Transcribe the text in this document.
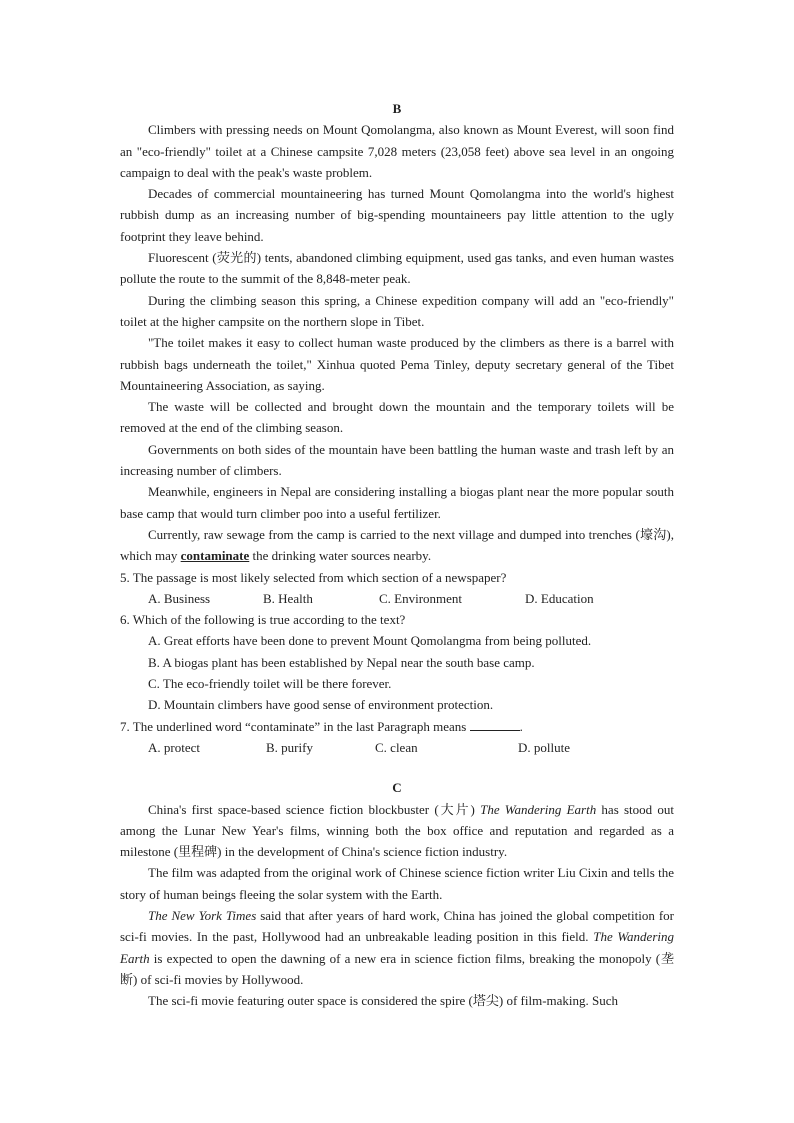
B

Climbers with pressing needs on Mount Qomolangma, also known as Mount Everest, will soon find an "eco-friendly" toilet at a Chinese campsite 7,028 meters (23,058 feet) above sea level in an ongoing campaign to deal with the peak's waste problem.

Decades of commercial mountaineering has turned Mount Qomolangma into the world's highest rubbish dump as an increasing number of big-spending mountaineers pay little attention to the ugly footprint they leave behind.

Fluorescent (荧光的) tents, abandoned climbing equipment, used gas tanks, and even human wastes pollute the route to the summit of the 8,848-meter peak.

During the climbing season this spring, a Chinese expedition company will add an "eco-friendly" toilet at the higher campsite on the northern slope in Tibet.

"The toilet makes it easy to collect human waste produced by the climbers as there is a barrel with rubbish bags underneath the toilet," Xinhua quoted Pema Tinley, deputy secretary general of the Tibet Mountaineering Association, as saying.

The waste will be collected and brought down the mountain and the temporary toilets will be removed at the end of the climbing season.

Governments on both sides of the mountain have been battling the human waste and trash left by an increasing number of climbers.

Meanwhile, engineers in Nepal are considering installing a biogas plant near the more popular south base camp that would turn climber poo into a useful fertilizer.

Currently, raw sewage from the camp is carried to the next village and dumped into trenches (壕沟), which may contaminate the drinking water sources nearby.

5. The passage is most likely selected from which section of a newspaper?

A. Business	B. Health	C. Environment	D. Education

6. Which of the following is true according to the text?

A. Great efforts have been done to prevent Mount Qomolangma from being polluted.

B. A biogas plant has been established by Nepal near the south base camp.

C. The eco-friendly toilet will be there forever.

D. Mountain climbers have good sense of environment protection.

7. The underlined word “contaminate” in the last Paragraph means	.

A. protect	B. purify	C. clean	D. pollute

C

China's first space-based science fiction blockbuster (大片) The Wandering Earth has stood out among the Lunar New Year's films, winning both the box office and reputation and regarded as a milestone (里程碑) in the development of China's science fiction industry.

The film was adapted from the original work of Chinese science fiction writer Liu Cixin and tells the story of human beings fleeing the solar system with the Earth.

The New York Times said that after years of hard work, China has joined the global competition for sci-fi movies. In the past, Hollywood had an unbreakable leading position in this field. The Wandering Earth is expected to open the dawning of a new era in science fiction films, breaking the monopoly (垄断) of sci-fi movies by Hollywood.

The sci-fi movie featuring outer space is considered the spire (塔尖) of film-making. Such
